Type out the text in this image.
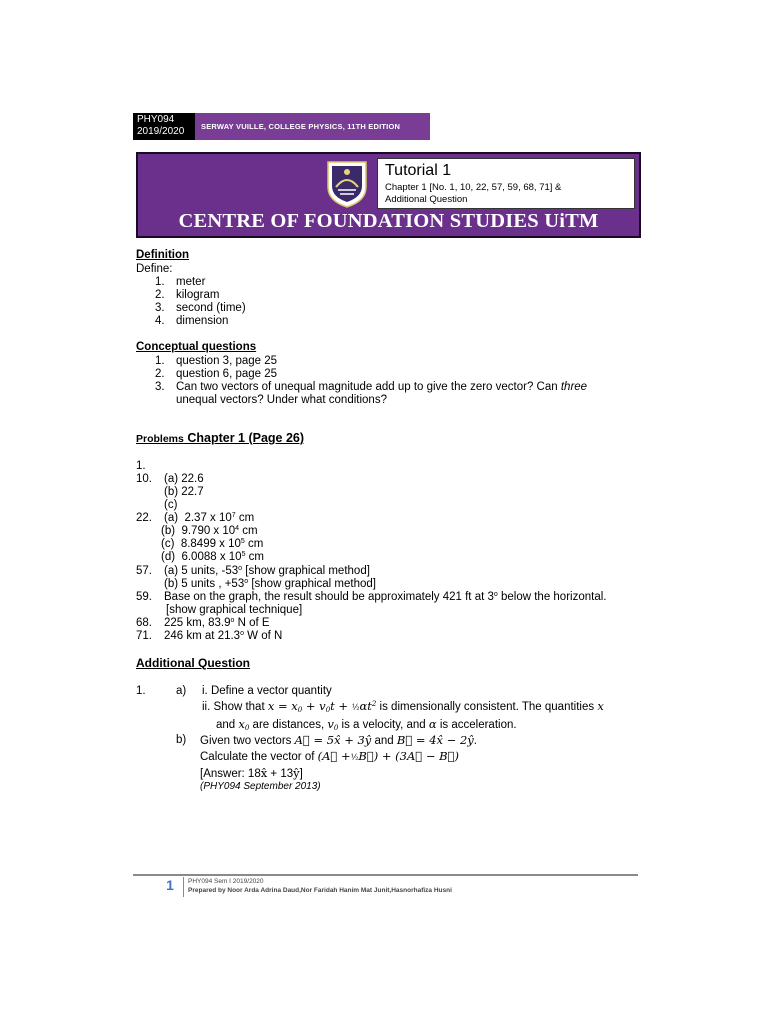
PHY094
2019/2020	SERWAY VUILLE, COLLEGE PHYSICS, 11TH EDITION
Tutorial 1
Chapter 1 [No. 1, 10, 22, 57, 59, 68, 71] &
Additional Question
CENTRE OF FOUNDATION STUDIES UiTM
Definition
Define:
1. meter
2. kilogram
3. second (time)
4. dimension
Conceptual questions
1. question 3, page 25
2. question 6, page 25
3. Can two vectors of unequal magnitude add up to give the zero vector? Can three
unequal vectors? Under what conditions?
Problems Chapter 1 (Page 26)
1.
10. (a) 22.6
(b) 22.7
(c)
22. (a) 2.37 x $10^7$ cm
(b) 9.790 x $10^4$ cm
(c) 8.8499 x $10^5$ cm
(d) 6.0088 x $10^5$ cm
57. (a) 5 units, -53$^o$ [show graphical method]
(b) 5 units , $+53^o$ [show graphical method]
59. Base on the graph, the result should be approximately 421 ft at 3$^o$ below the horizontal.
[show graphical technique]
68. 225 km, 83.9$^o$ N of E
71. 246 km at 21.3$^o$ W of N
Additional Question
1.	a) i. Define a vector quantity
ii. Show that $x = x_0 + v_0t$ + $\frac{1}{2}\alpha t^2$ is dimensionally consistent. The quantities x
and $x_0$ are distances, $v_0$ is a velocity, and α is acceleration.
b) Given two vectors A⃗ = 5x̂ + 3ŷ and B⃗ = 4x̂ − 2ŷ.
Calculate the vector of (A⃗ +½B⃗) + (3A⃗ − B⃗)
[Answer: 18x̂ + 13ŷ]
(PHY094 September 2013)
1	PHY094 Sem I 2019/2020
Prepared by Noor Arda Adrina Daud,Nor Faridah Hanim Mat Junit,Hasnorhafiza Husni
